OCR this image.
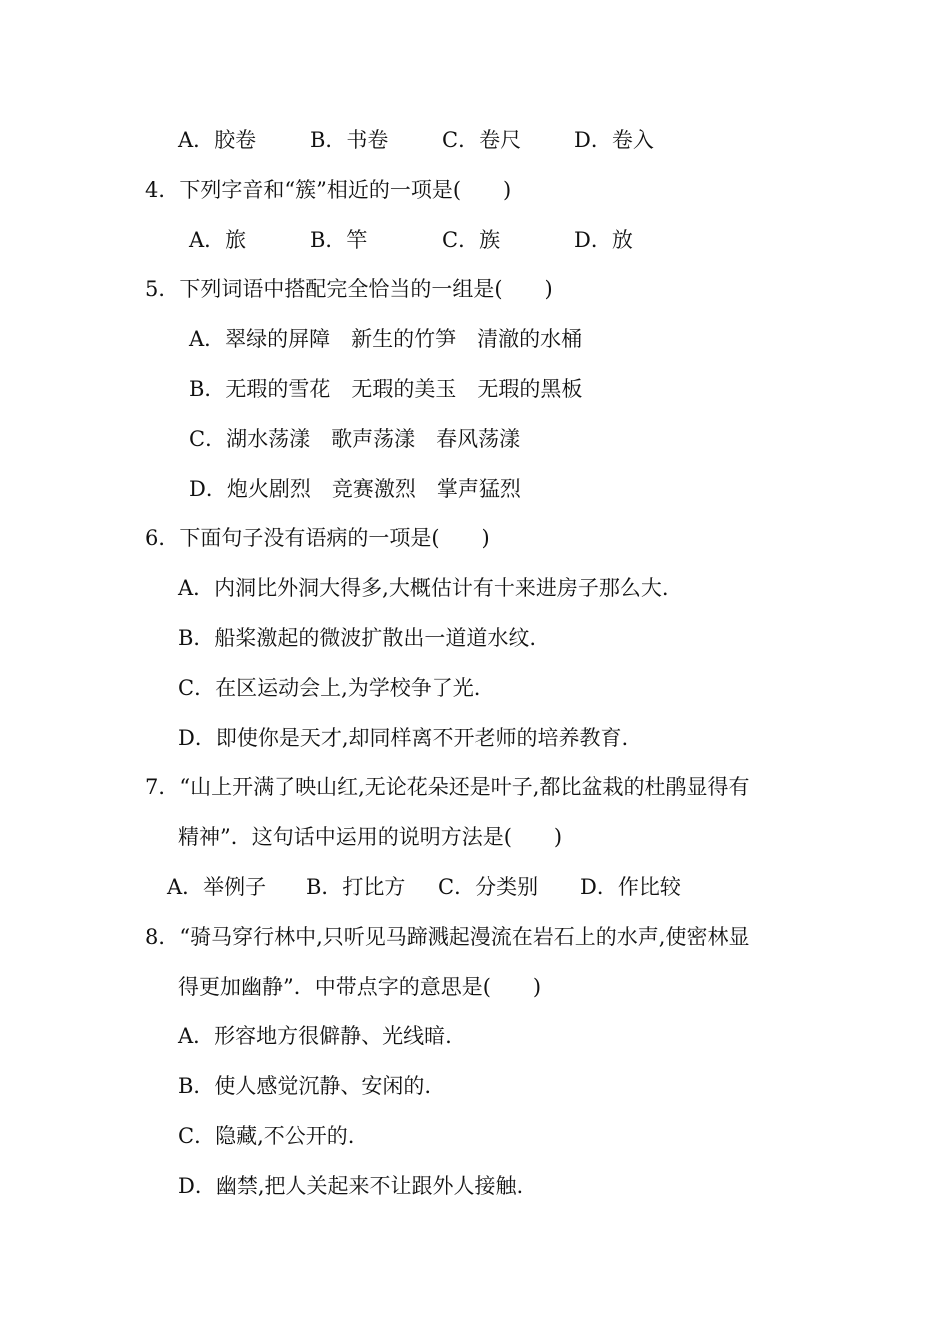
A．胶卷	B．书卷	C．卷尺	D．卷入

4．下列字音和“簇”相近的一项是(　　)

A．旅	B．竿	C．族	D．放

5．下列词语中搭配完全恰当的一组是(　　)

A．翠绿的屏障　新生的竹笋　清澈的水桶

B．无瑕的雪花　无瑕的美玉　无瑕的黑板

C．湖水荡漾　歌声荡漾　春风荡漾

D．炮火剧烈　竞赛激烈　掌声猛烈

6．下面句子没有语病的一项是(　　)

A．内洞比外洞大得多,大概估计有十来进房子那么大.

B．船桨激起的微波扩散出一道道水纹.

C．在区运动会上,为学校争了光.

D．即使你是天才,却同样离不开老师的培养教育.

7．“山上开满了映山红,无论花朵还是叶子,都比盆栽的杜鹃显得有

精神”．这句话中运用的说明方法是(　　)

A．举例子 B．打比方 C．分类别 D．作比较

8．“骑马穿行林中,只听见马蹄溅起漫流在岩石上的水声,使密林显

得更加幽静”．中带点字的意思是(　　)

A．形容地方很僻静、光线暗.

B．使人感觉沉静、安闲的.

C．隐藏,不公开的.

D．幽禁,把人关起来不让跟外人接触.
